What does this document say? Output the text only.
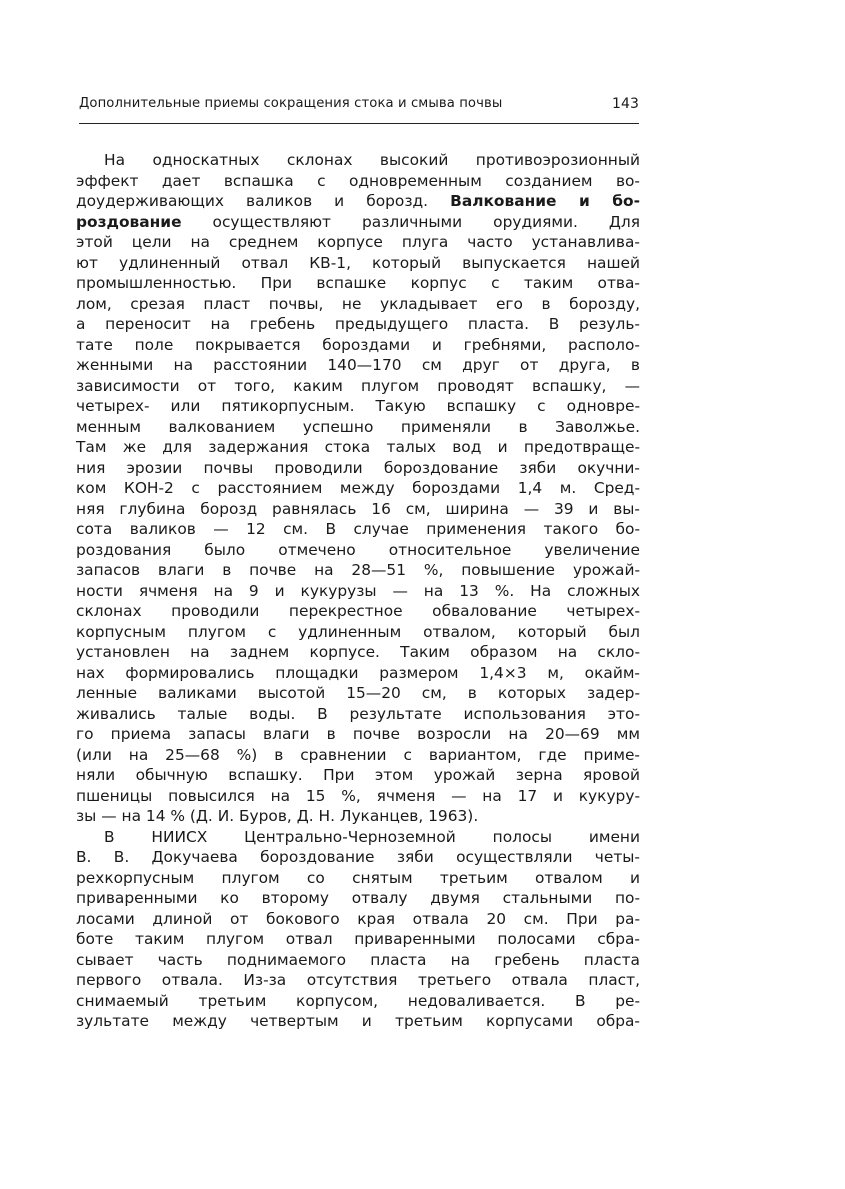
Дополнительные приемы сокращения стока и смыва почвы	143
На односкатных склонах высокий противоэрозионный
эффект дает вспашка с одновременным созданием во-
доудерживающих валиков и борозд. Валкование и бо-
роздование осуществляют различными орудиями. Для
этой цели на среднем корпусе плуга часто устанавлива-
ют удлиненный отвал КВ-1, который выпускается нашей
промышленностью. При вспашке корпус с таким отва-
лом, срезая пласт почвы, не укладывает его в борозду,
а переносит на гребень предыдущего пласта. В резуль-
тате поле покрывается бороздами и гребнями, располо-
женными на расстоянии 140—170 см друг от друга, в
зависимости от того, каким плугом проводят вспашку, —
четырех- или пятикорпусным. Такую вспашку с одновре-
менным валкованием успешно применяли в Заволжье.
Там же для задержания стока талых вод и предотвраще-
ния эрозии почвы проводили бороздование зяби окучни-
ком КОН-2 с расстоянием между бороздами 1,4 м. Сред-
няя глубина борозд равнялась 16 см, ширина — 39 и вы-
сота валиков — 12 см. В случае применения такого бо-
роздования было отмечено относительное увеличение
запасов влаги в почве на 28—51 %, повышение урожай-
ности ячменя на 9 и кукурузы — на 13 %. На сложных
склонах проводили перекрестное обвалование четырех-
корпусным плугом с удлиненным отвалом, который был
установлен на заднем корпусе. Таким образом на скло-
нах формировались площадки размером 1,4×3 м, окайм-
ленные валиками высотой 15—20 см, в которых задер-
живались талые воды. В результате использования это-
го приема запасы влаги в почве возросли на 20—69 мм
(или на 25—68 %) в сравнении с вариантом, где приме-
няли обычную вспашку. При этом урожай зерна яровой
пшеницы повысился на 15 %, ячменя — на 17 и кукуру-
зы — на 14 % (Д. И. Буров, Д. Н. Луканцев, 1963).
В НИИСХ Центрально-Черноземной полосы имени
В. В. Докучаева бороздование зяби осуществляли четы-
рехкорпусным плугом со снятым третьим отвалом и
приваренными ко второму отвалу двумя стальными по-
лосами длиной от бокового края отвала 20 см. При ра-
боте таким плугом отвал приваренными полосами сбра-
сывает часть поднимаемого пласта на гребень пласта
первого отвала. Из-за отсутствия третьего отвала пласт,
снимаемый третьим корпусом, недоваливается. В ре-
зультате между четвертым и третьим корпусами обра-
